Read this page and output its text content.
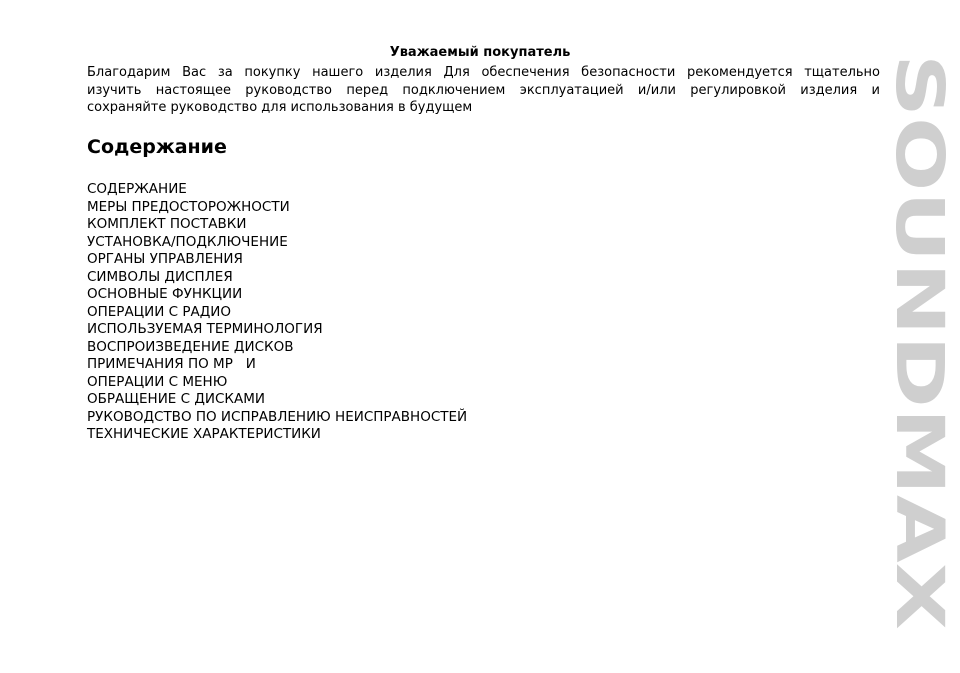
Уважаемый покупатель
Благодарим Вас за покупку нашего изделия Для обеспечения безопасности рекомендуется тщательно
изучить настоящее руководство перед подключением эксплуатацией и/или регулировкой изделия и
сохраняйте руководство для использования в будущем
Содержание
СОДЕРЖАНИЕ
МЕРЫ ПРЕДОСТОРОЖНОСТИ
КОМПЛЕКТ ПОСТАВКИ
УСТАНОВКА/ПОДКЛЮЧЕНИЕ
ОРГАНЫ УПРАВЛЕНИЯ
СИМВОЛЫ ДИСПЛЕЯ
ОСНОВНЫЕ ФУНКЦИИ
ОПЕРАЦИИ С РАДИО
ИСПОЛЬЗУЕМАЯ ТЕРМИНОЛОГИЯ
ВОСПРОИЗВЕДЕНИЕ ДИСКОВ
ПРИМЕЧАНИЯ ПО МР   И
ОПЕРАЦИИ С МЕНЮ
ОБРАЩЕНИЕ С ДИСКАМИ
РУКОВОДСТВО ПО ИСПРАВЛЕНИЮ НЕИСПРАВНОСТЕЙ
ТЕХНИЧЕСКИЕ ХАРАКТЕРИСТИКИ	SOUNDMAX
